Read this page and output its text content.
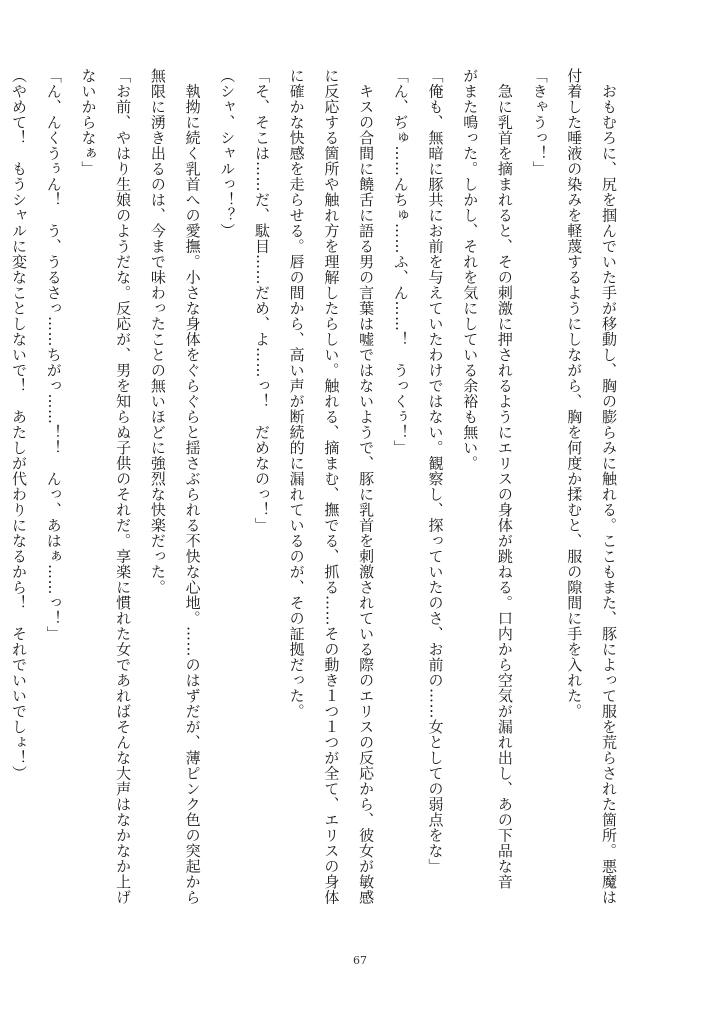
　おもむろに、尻を掴んでいた手が移動し、胸の膨らみに触れる。ここもまた、豚によって服を荒らされた箇所。悪魔は
付着した唾液の染みを軽蔑するようにしながら、胸を何度か揉むと、服の隙間に手を入れた。
「きゃうっ！」
　急に乳首を摘まれると、その刺激に押されるようにエリスの身体が跳ねる。口内から空気が漏れ出し、あの下品な音
がまた鳴った。しかし、それを気にしている余裕も無い。
「俺も、無暗に豚共にお前を与えていたわけではない。観察し、探っていたのさ、お前の……女としての弱点をな」
「ん、ぢゅ……んちゅ……ふ、ん……！　うっくぅ！」
　キスの合間に饒舌に語る男の言葉は嘘ではないようで、豚に乳首を刺激されている際のエリスの反応から、彼女が敏感
に反応する箇所や触れ方を理解したらしい。触れる、摘まむ、撫でる、抓る……その動き１つ１つが全て、エリスの身体
に確かな快感を走らせる。唇の間から、高い声が断続的に漏れているのが、その証拠だった。
「そ、そこは……だ、駄目……だめ、よ……っ！　だめなのっ！」
（シャ、シャルっ！？）
　執拗に続く乳首への愛撫。小さな身体をぐらぐらと揺さぶられる不快な心地。……のはずだが、薄ピンク色の突起から
無限に湧き出るのは、今まで味わったことの無いほどに強烈な快楽だった。
「お前、やはり生娘のようだな。反応が、男を知らぬ子供のそれだ。享楽に慣れた女であればそんな大声はなかなか上げ
ないからなぁ」
「ん、んくうぅん！　う、うるさっ……ちがっ……！！　んっ、あはぁ……っ！」
（やめて！　もうシャルに変なことしないで！　あたしが代わりになるから！　それでいいでしょ！）
67
